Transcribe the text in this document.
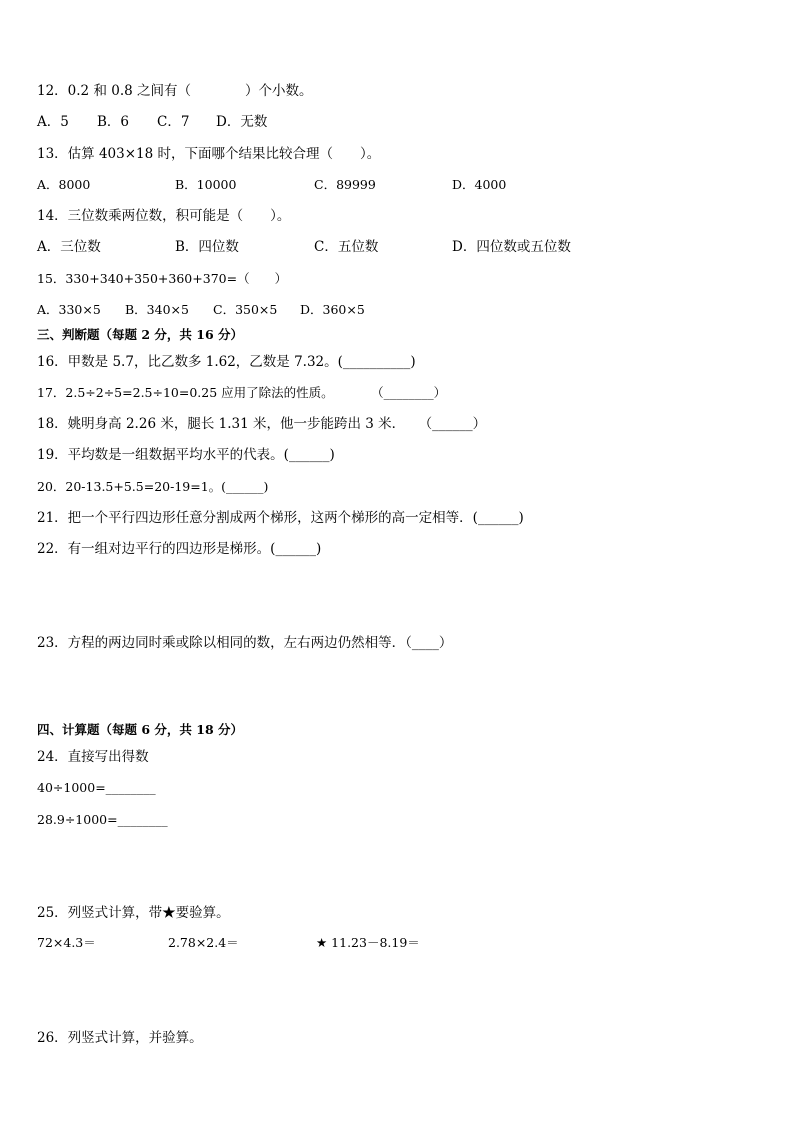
12．0.2 和 0.8 之间有（　　　　）个小数。
A．5 B．6 C．7 D．无数
13．估算 403×18 时，下面哪个结果比较合理（　　）。
A．8000	B．10000	C．89999	D．4000
14．三位数乘两位数，积可能是（　　）。
A．三位数	B．四位数	C．五位数	D．四位数或五位数
15．330+340+350+360+370=（　　）
A．330×5 B．340×5 C．350×5 D．360×5
三、判断题（每题 2 分，共 16 分）
16．甲数是 5.7，比乙数多 1.62，乙数是 7.32。(__________)
17．2.5÷2÷5=2.5÷10=0.25 应用了除法的性质。　　　　（________）
18．姚明身高 2.26 米，腿长 1.31 米，他一步能跨出 3 米．　　（______）
19．平均数是一组数据平均水平的代表。(______)
20．20-13.5+5.5=20-19=1。(______)
21．把一个平行四边形任意分割成两个梯形，这两个梯形的高一定相等．(______)
22．有一组对边平行的四边形是梯形。(______)
23．方程的两边同时乘或除以相同的数，左右两边仍然相等．（____）
四、计算题（每题 6 分，共 18 分）
24．直接写出得数
40÷1000=________
28.9÷1000=________
25．列竖式计算，带★要验算。
72×4.3＝	2.78×2.4＝	★ 11.23－8.19＝
26．列竖式计算，并验算。
